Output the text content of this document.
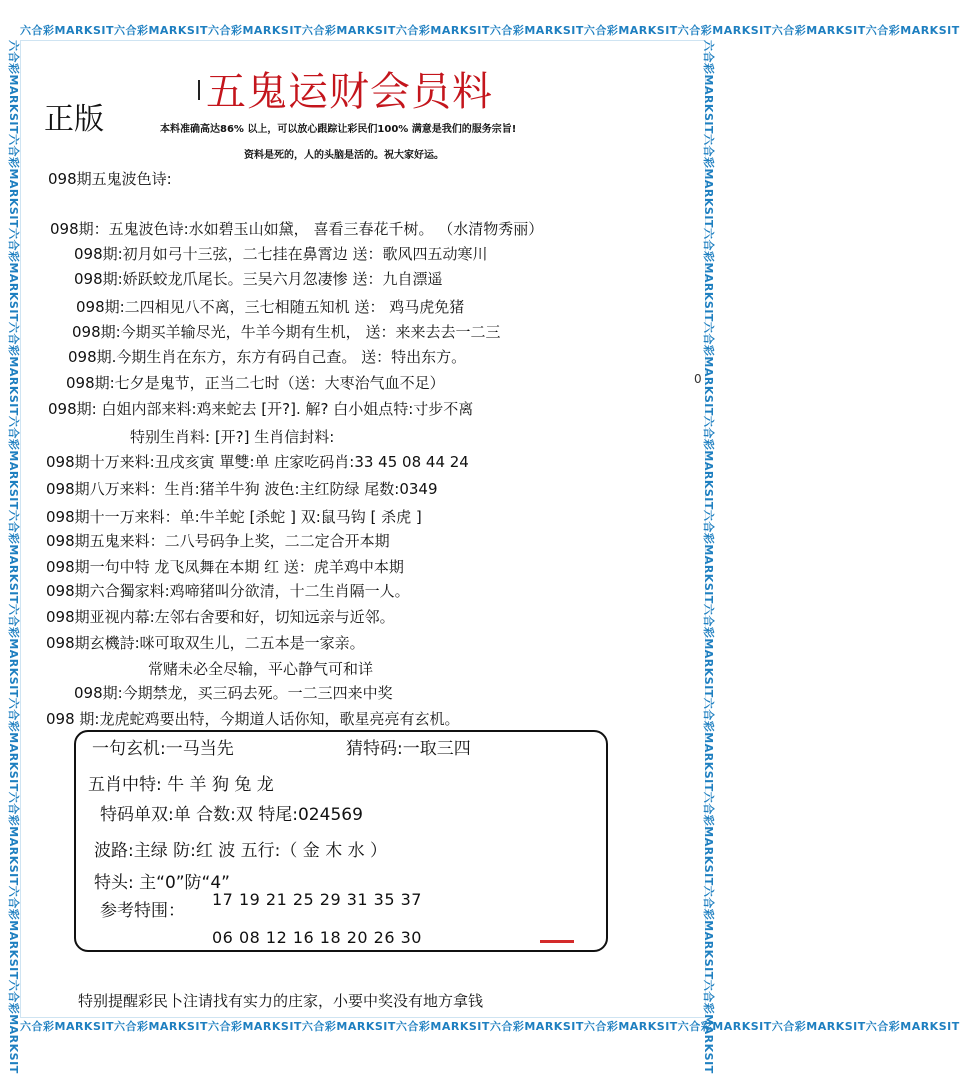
六合彩MARKSIT六合彩MARKSIT六合彩MARKSIT六合彩MARKSIT六合彩MARKSIT六合彩MARKSIT六合彩MARKSIT六合彩MARKSIT六合彩MARKSIT六合彩MARKSIT
六合彩MARKSIT六合彩MARKSIT六合彩MARKSIT六合彩MARKSIT六合彩MARKSIT六合彩MARKSIT六合彩MARKSIT六合彩MARKSIT六合彩MARKSIT六合彩MARKSIT
六合彩MARKSIT六合彩MARKSIT六合彩MARKSIT六合彩MARKSIT六合彩MARKSIT六合彩MARKSIT六合彩MARKSIT六合彩MARKSIT六合彩MARKSIT六合彩MARKSIT六合彩MARKSIT	六合彩MARKSIT六合彩MARKSIT六合彩MARKSIT六合彩MARKSIT六合彩MARKSIT六合彩MARKSIT六合彩MARKSIT六合彩MARKSIT六合彩MARKSIT六合彩MARKSIT六合彩MARKSIT
正版
五鬼运财会员料
本料准确高达86% 以上，可以放心跟踪让彩民们100% 满意是我们的服务宗旨!
资料是死的，人的头脑是活的。祝大家好运。
098期五鬼波色诗:
098期：五鬼波色诗:水如碧玉山如黛， 喜看三春花千树。 （水清物秀丽）
098期:初月如弓十三弦，二七挂在鼻霄边 送：歌风四五动寒川
098期:娇跃蛟龙爪尾长。三吴六月忽凄惨 送：九自漂遥
098期:二四相见八不离，三七相随五知机 送： 鸡马虎免猪
098期:今期买羊输尽光，牛羊今期有生机， 送：来来去去一二三
098期.今期生肖在东方，东方有码自己查。 送：特出东方。
098期:七夕是鬼节，正当二七时（送：大枣治气血不足）
098期: 白姐内部来料:鸡来蛇去 [开?]. 解? 白小姐点特:寸步不离
特别生肖料: [开?] 生肖信封料:
098期十万来料:丑戌亥寅 單雙:单 庄家吃码肖:33 45 08 44 24
098期八万来料：生肖:猪羊牛狗 波色:主红防绿 尾数:0349
098期十一万来料：单:牛羊蛇 [杀蛇 ] 双:鼠马钩 [ 杀虎 ]
098期五鬼来料：二八号码争上奖，二二定合开本期
098期一句中特 龙飞凤舞在本期 红 送：虎羊鸡中本期
098期六合獨家料:鸡啼猪叫分欲清，十二生肖隔一人。
098期亚视内幕:左邻右舍要和好，切知远亲与近邻。
098期玄機詩:咪可取双生儿，二五本是一家亲。
常赌未必全尽输，平心静气可和详
098期:今期禁龙，买三码去死。一二三四来中奖
098 期:龙虎蛇鸡要出特，今期道人话你知，歌星亮亮有玄机。
0
一句玄机:一马当先	猜特码:一取三四
五肖中特: 牛 羊 狗 兔 龙
特码单双:单 合数:双 特尾:024569
波路:主绿 防:红 波 五行:（ 金 木 水 ）
特头: 主“0”防“4”
参考特围：
17 19 21 25 29 31 35 37
06 08 12 16 18 20 26 30
特别提醒彩民卜注请找有实力的庄家，小要中奖没有地方拿钱
